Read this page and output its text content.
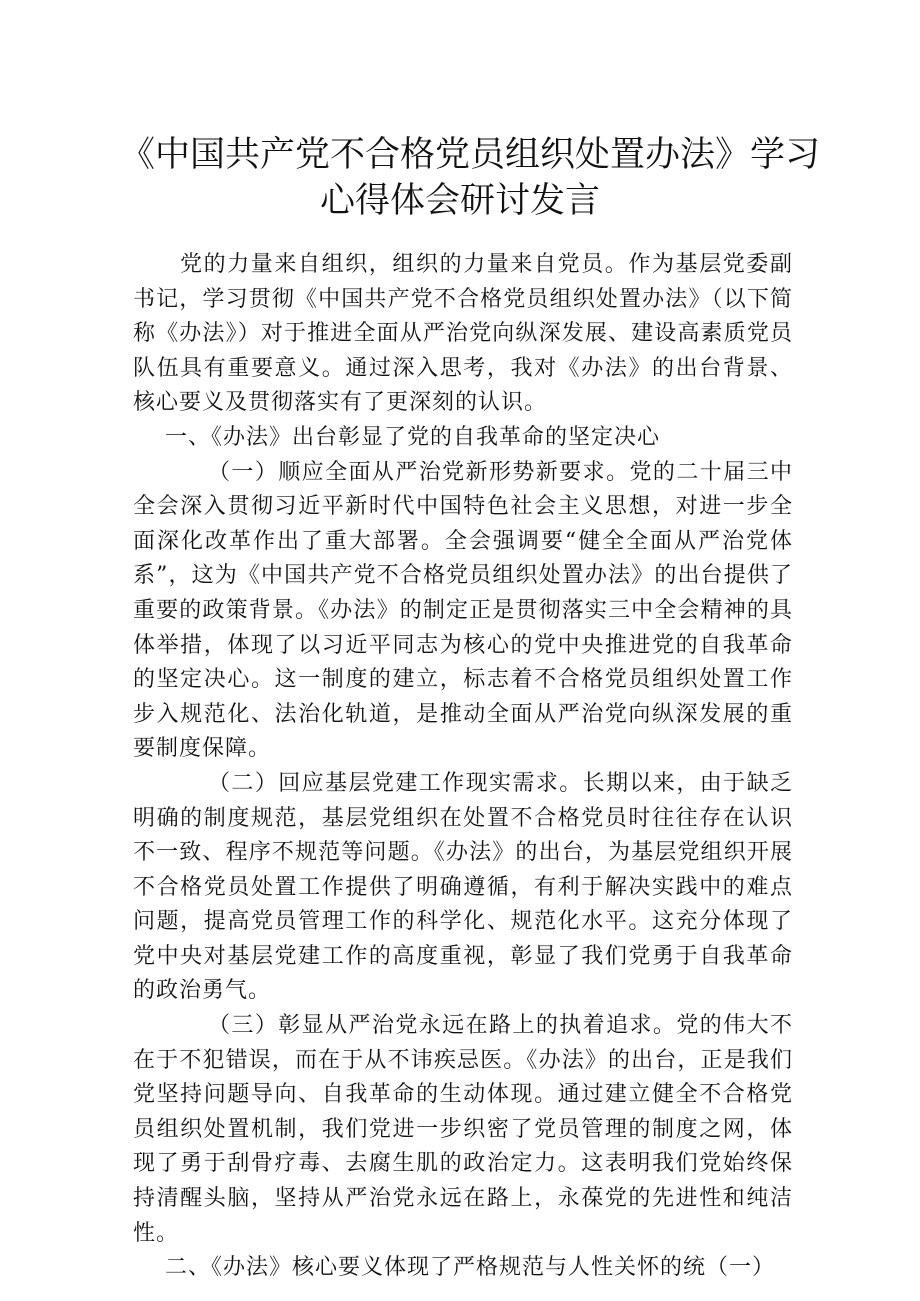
《中国共产党不合格党员组织处置办法》学习
心得体会研讨发言

党的力量来自组织，组织的力量来自党员。作为基层党委副书记，学习贯彻《中国共产党不合格党员组织处置办法》（以下简称《办法》）对于推进全面从严治党向纵深发展、建设高素质党员队伍具有重要意义。通过深入思考，我对《办法》的出台背景、核心要义及贯彻落实有了更深刻的认识。

一、《办法》出台彰显了党的自我革命的坚定决心

（一）顺应全面从严治党新形势新要求。党的二十届三中全会深入贯彻习近平新时代中国特色社会主义思想，对进一步全面深化改革作出了重大部署。全会强调要“健全全面从严治党体系”，这为《中国共产党不合格党员组织处置办法》的出台提供了重要的政策背景。《办法》的制定正是贯彻落实三中全会精神的具体举措，体现了以习近平同志为核心的党中央推进党的自我革命的坚定决心。这一制度的建立，标志着不合格党员组织处置工作步入规范化、法治化轨道，是推动全面从严治党向纵深发展的重要制度保障。

（二）回应基层党建工作现实需求。长期以来，由于缺乏明确的制度规范，基层党组织在处置不合格党员时往往存在认识不一致、程序不规范等问题。《办法》的出台，为基层党组织开展不合格党员处置工作提供了明确遵循，有利于解决实践中的难点问题，提高党员管理工作的科学化、规范化水平。这充分体现了党中央对基层党建工作的高度重视，彰显了我们党勇于自我革命的政治勇气。

（三）彰显从严治党永远在路上的执着追求。党的伟大不在于不犯错误，而在于从不讳疾忌医。《办法》的出台，正是我们党坚持问题导向、自我革命的生动体现。通过建立健全不合格党员组织处置机制，我们党进一步织密了党员管理的制度之网，体现了勇于刮骨疗毒、去腐生肌的政治定力。这表明我们党始终保持清醒头脑，坚持从严治党永远在路上，永葆党的先进性和纯洁性。

二、《办法》核心要义体现了严格规范与人性关怀的统（一）
